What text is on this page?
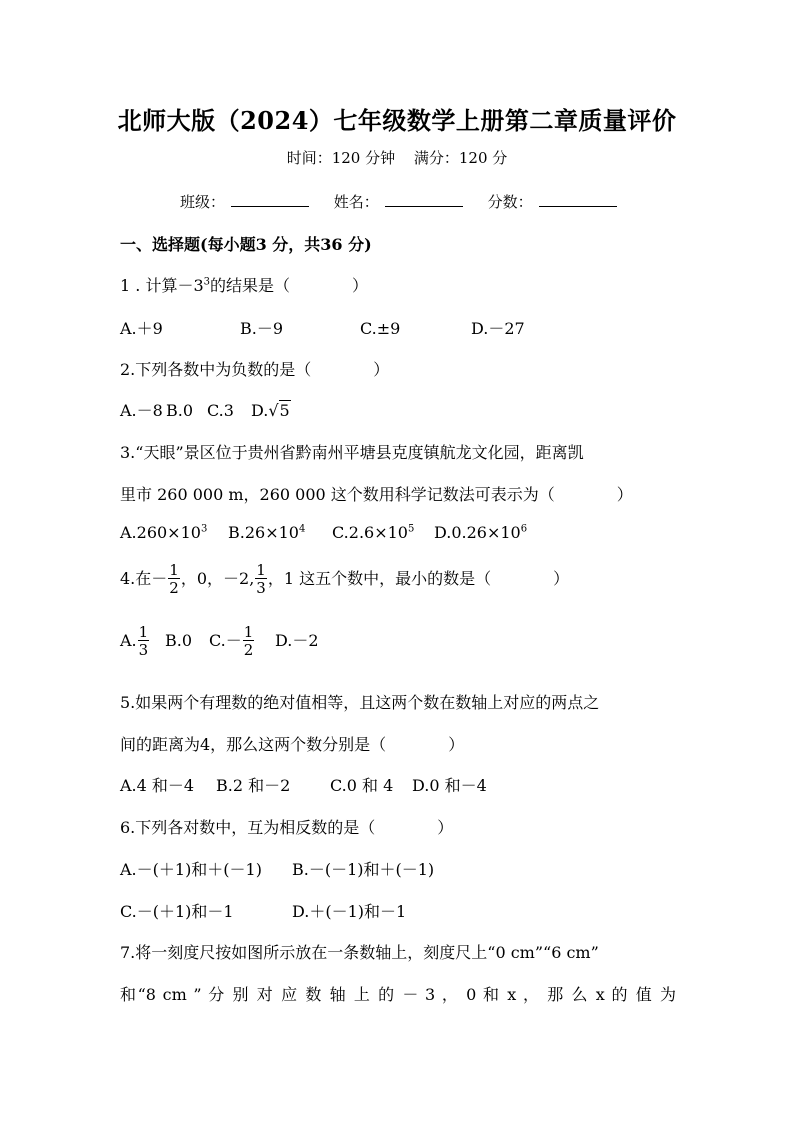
北师大版（2024）七年级数学上册第二章质量评价
时间：120 分钟 满分：120 分
班级：	姓名：	分数：
一、选择题(每小题3 分，共36 分)
1 . 计算$-3^3$的结果是（	）
A.＋9	B.－9	C.±9	D.－27
2.下列各数中为负数的是（	）
A.－8 B.0 C.3 D.√5
3.“天眼”景区位于贵州省黔南州平塘县克度镇航龙文化园，距离凯
里市 260 000 m，260 000 这个数用科学记数法可表示为（	）
$A.260\times 10^3$ $B.26\times 10^4$ $C.2.6\times 10^5$ $D.0.26\times 10^6$
4.在－ $\frac{1}{2}$ ，0，－2, $\frac{1}{3}$ ，1 这五个数中，最小的数是（	）
A. $\frac{1}{3} B.0$ $C.- \frac{1}{2} D.-2$
5.如果两个有理数的绝对值相等，且这两个数在数轴上对应的两点之
间的距离为4，那么这两个数分别是（	）
A.4 和－4 B.2 和－2 C.0 和 4 D.0 和－4
6.下列各对数中，互为相反数的是（	）
A.－(＋1)和＋(－1) B.－(－1)和＋(－1)
C.－(＋1)和－1	D.＋(－1)和－1
7.将一刻度尺按如图所示放在一条数轴上，刻度尺上“0 cm”“6 cm”
和“8 cm ” 分 别 对 应 数 轴 上 的 － 3 ， 0 和 x ， 那 么 x 的 值 为
